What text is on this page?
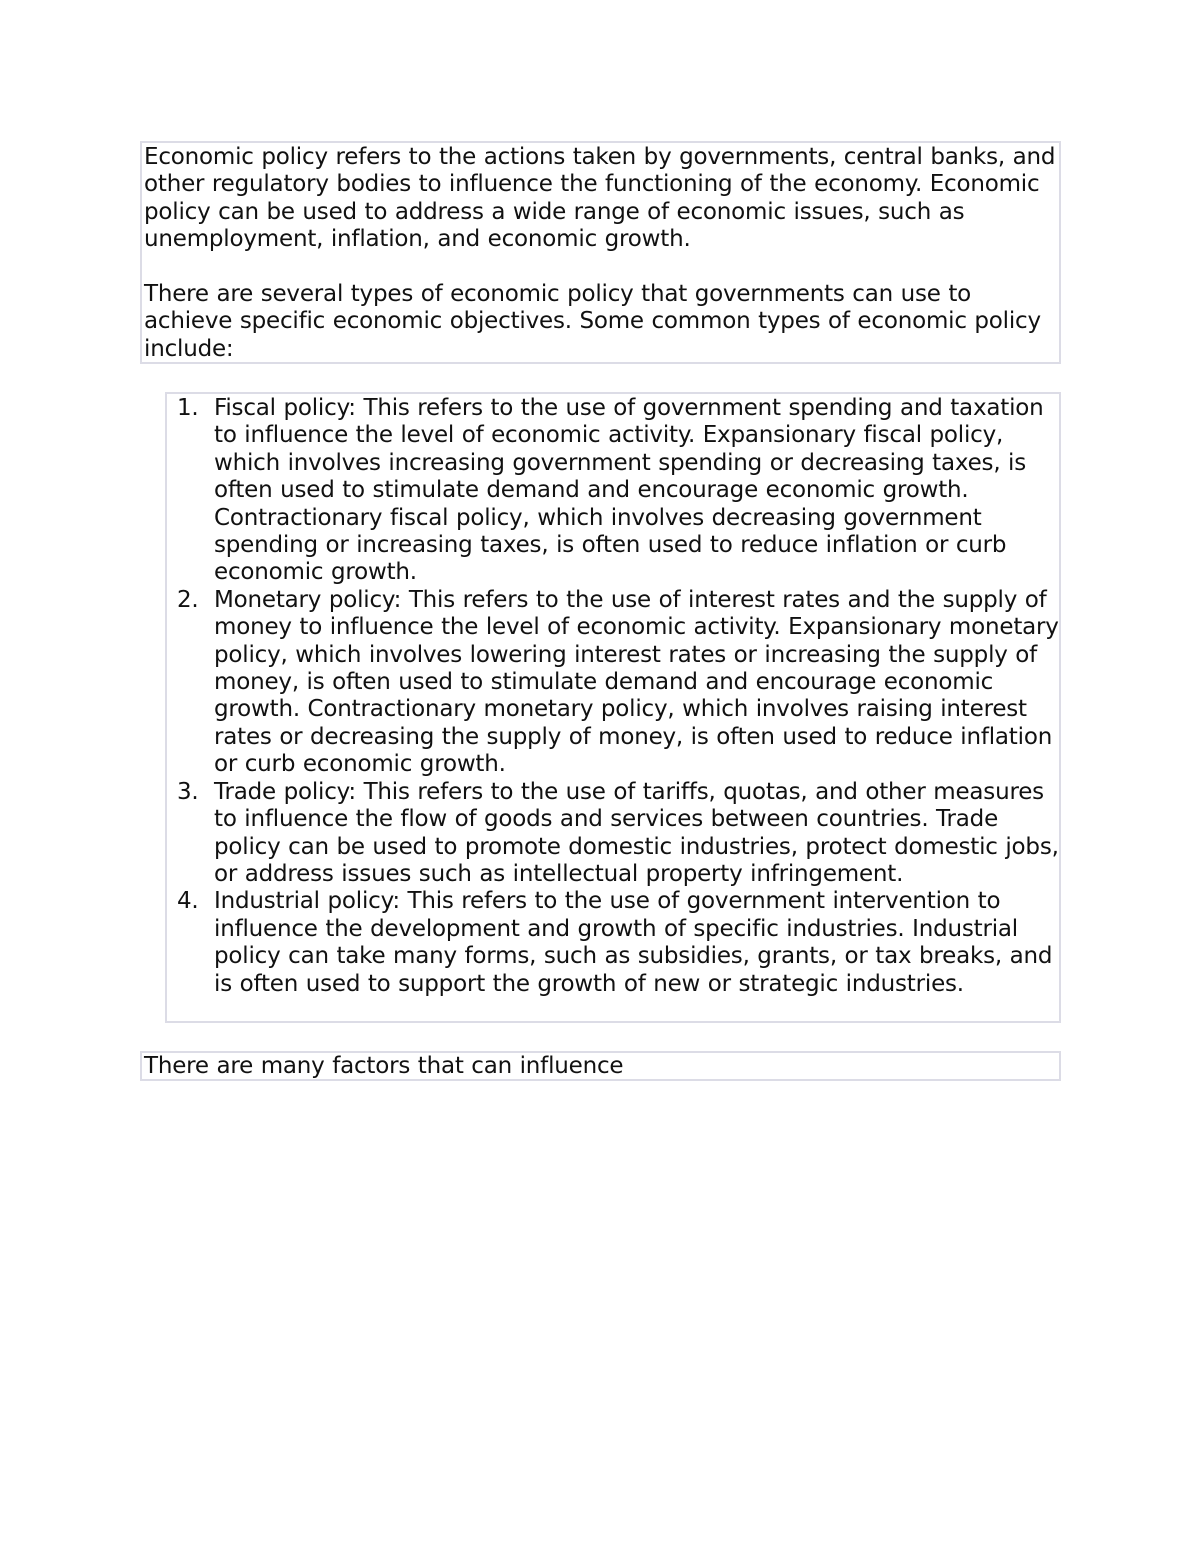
Economic policy refers to the actions taken by governments, central banks, and other regulatory bodies to influence the functioning of the economy. Economic policy can be used to address a wide range of economic issues, such as unemployment, inflation, and economic growth.

There are several types of economic policy that governments can use to achieve specific economic objectives. Some common types of economic policy include:

1. Fiscal policy: This refers to the use of government spending and taxation to influence the level of economic activity. Expansionary fiscal policy, which involves increasing government spending or decreasing taxes, is often used to stimulate demand and encourage economic growth. Contractionary fiscal policy, which involves decreasing government spending or increasing taxes, is often used to reduce inflation or curb economic growth.
2. Monetary policy: This refers to the use of interest rates and the supply of money to influence the level of economic activity. Expansionary monetary policy, which involves lowering interest rates or increasing the supply of money, is often used to stimulate demand and encourage economic growth. Contractionary monetary policy, which involves raising interest rates or decreasing the supply of money, is often used to reduce inflation or curb economic growth.
3. Trade policy: This refers to the use of tariffs, quotas, and other measures to influence the flow of goods and services between countries. Trade policy can be used to promote domestic industries, protect domestic jobs, or address issues such as intellectual property infringement.
4. Industrial policy: This refers to the use of government intervention to influence the development and growth of specific industries. Industrial policy can take many forms, such as subsidies, grants, or tax breaks, and is often used to support the growth of new or strategic industries.
There are many factors that can influence
